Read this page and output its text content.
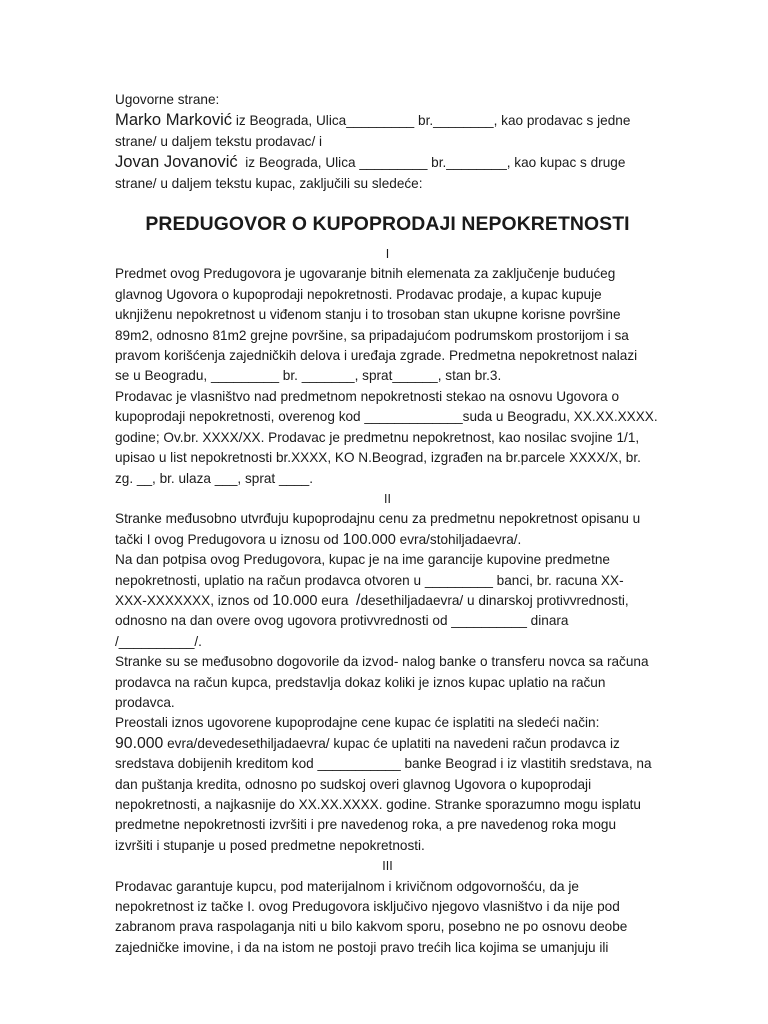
Ugovorne strane:

Marko Marković iz Beograda, Ulica_________ br.________, kao prodavac s jedne

strane/ u daljem tekstu prodavac/ i

Jovan Jovanović  iz Beograda, Ulica _________ br.________, kao kupac s druge

strane/ u daljem tekstu kupac, zaključili su sledeće:

PREDUGOVOR O KUPOPRODAJI NEPOKRETNOSTI

I

Predmet ovog Predugovora je ugovaranje bitnih elemenata za zaključenje budućeg

glavnog Ugovora o kupoprodaji nepokretnosti. Prodavac prodaje, a kupac kupuje

uknjiženu nepokretnost u viđenom stanju i to trosoban stan ukupne korisne površine

89m2, odnosno 81m2 grejne površine, sa pripadajućom podrumskom prostorijom i sa

pravom korišćenja zajedničkih delova i uređaja zgrade. Predmetna nepokretnost nalazi

se u Beogradu, _________ br. _______, sprat______, stan br.3.

Prodavac je vlasništvo nad predmetnom nepokretnosti stekao na osnovu Ugovora o

kupoprodaji nepokretnosti, overenog kod _____________suda u Beogradu, XX.XX.XXXX.

godine; Ov.br. XXXX/XX. Prodavac je predmetnu nepokretnost, kao nosilac svojine 1/1,

upisao u list nepokretnosti br.XXXX, KO N.Beograd, izgrađen na br.parcele XXXX/X, br.

zg. __, br. ulaza ___, sprat ____.

II

Stranke međusobno utvrđuju kupoprodajnu cenu za predmetnu nepokretnost opisanu u

tački I ovog Predugovora u iznosu od 100.000 evra/stohiljadaevra/.

Na dan potpisa ovog Predugovora, kupac je na ime garancije kupovine predmetne

nepokretnosti, uplatio na račun prodavca otvoren u _________ banci, br. racuna XX-

XXX-XXXXXXX, iznos od 10.000 eura  /desethiljadaevra/ u dinarskoj protivvrednosti,

odnosno na dan overe ovog ugovora protivvrednosti od __________ dinara

/__________/.

Stranke su se međusobno dogovorile da izvod- nalog banke o transferu novca sa računa

prodavca na račun kupca, predstavlja dokaz koliki je iznos kupac uplatio na račun

prodavca.

Preostali iznos ugovorene kupoprodajne cene kupac će isplatiti na sledeći način:

90.000 evra/devedesethiljadaevra/ kupac će uplatiti na navedeni račun prodavca iz

sredstava dobijenih kreditom kod ___________ banke Beograd i iz vlastitih sredstava, na

dan puštanja kredita, odnosno po sudskoj overi glavnog Ugovora o kupoprodaji

nepokretnosti, a najkasnije do XX.XX.XXXX. godine. Stranke sporazumno mogu isplatu

predmetne nepokretnosti izvršiti i pre navedenog roka, a pre navedenog roka mogu

izvršiti i stupanje u posed predmetne nepokretnosti.

III

Prodavac garantuje kupcu, pod materijalnom i krivičnom odgovornošću, da je

nepokretnost iz tačke I. ovog Predugovora isključivo njegovo vlasništvo i da nije pod

zabranom prava raspolaganja niti u bilo kakvom sporu, posebno ne po osnovu deobe

zajedničke imovine, i da na istom ne postoji pravo trećih lica kojima se umanjuju ili
